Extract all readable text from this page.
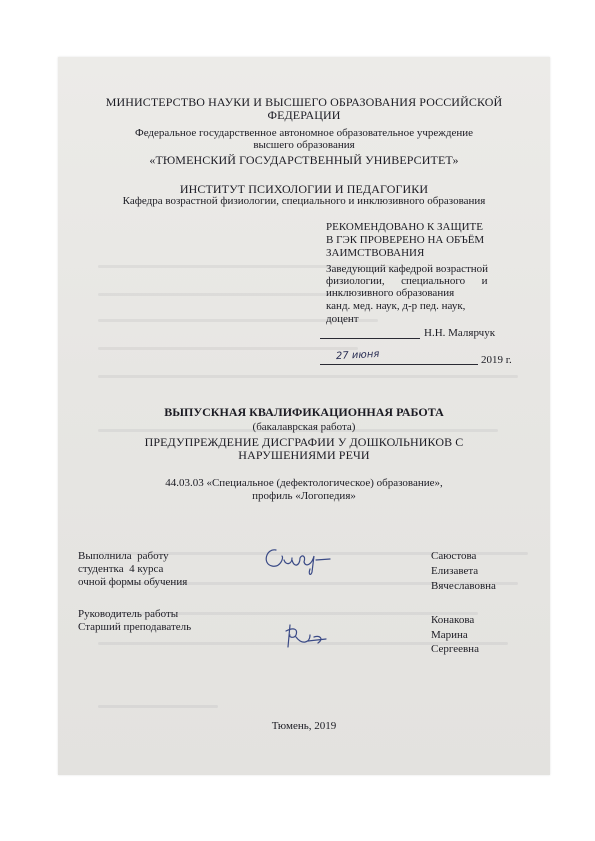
МИНИСТЕРСТВО НАУКИ И ВЫСШЕГО ОБРАЗОВАНИЯ РОССИЙСКОЙ
ФЕДЕРАЦИИ
Федеральное государственное автономное образовательное учреждение
высшего образования
«ТЮМЕНСКИЙ ГОСУДАРСТВЕННЫЙ УНИВЕРСИТЕТ»
ИНСТИТУТ ПСИХОЛОГИИ И ПЕДАГОГИКИ
Кафедра возрастной физиологии, специального и инклюзивного образования
РЕКОМЕНДОВАНО К ЗАЩИТЕ
В ГЭК ПРОВЕРЕНО НА ОБЪЁМ
ЗАИМСТВОВАНИЯ
Заведующий кафедрой возрастной
физиологии,      специального      и
инклюзивного образования
канд. мед. наук, д-р пед. наук,
доцент
Н.Н. Малярчук
27 июня	2019 г.
ВЫПУСКНАЯ КВАЛИФИКАЦИОННАЯ РАБОТА
(бакалаврская работа)
ПРЕДУПРЕЖДЕНИЕ ДИСГРАФИИ У ДОШКОЛЬНИКОВ С
НАРУШЕНИЯМИ РЕЧИ
44.03.03 «Специальное (дефектологическое) образование»,
профиль «Логопедия»
Выполнила  работу
студентка  4 курса
очной формы обучения
Саюстова
Елизавета
Вячеславовна
Руководитель работы
Старший преподаватель
Конакова
Марина
Сергеевна
Тюмень, 2019
